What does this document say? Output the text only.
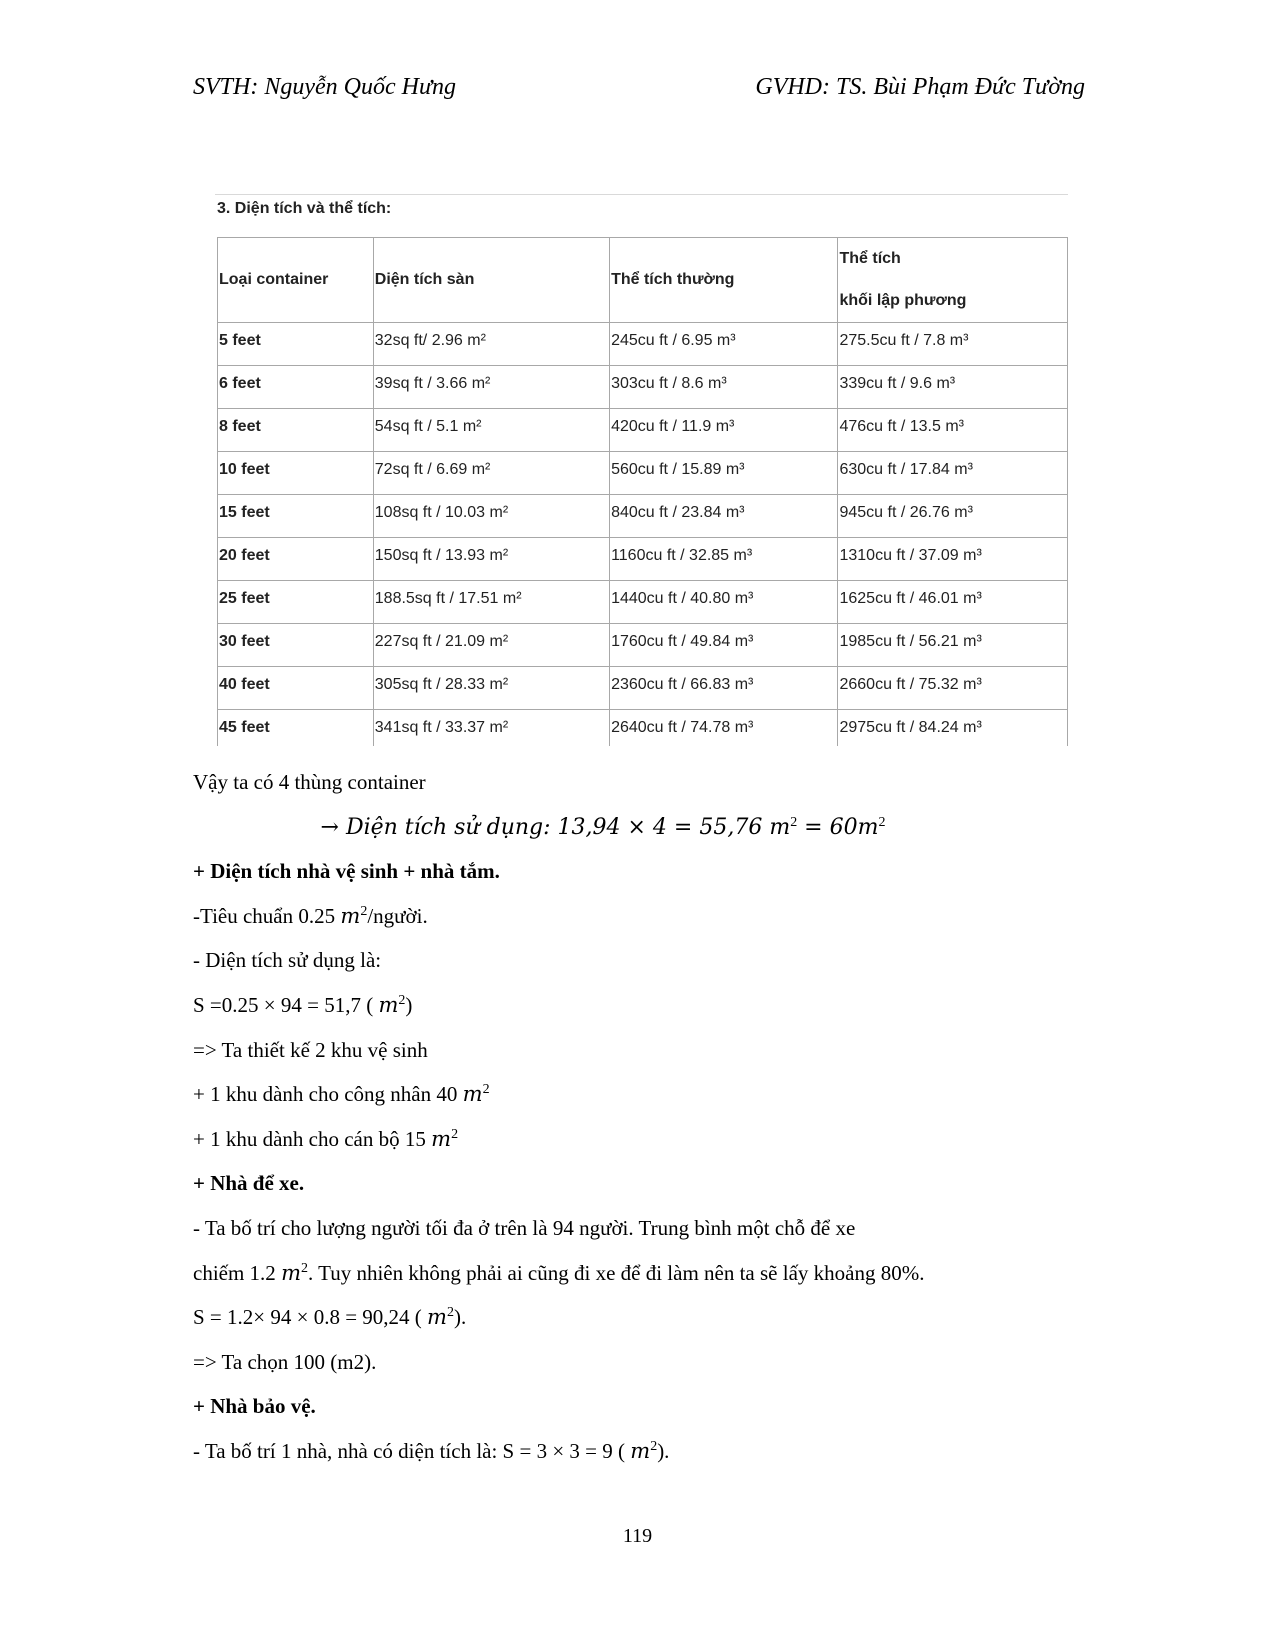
SVTH: Nguyễn Quốc Hưng	GVHD: TS. Bùi Phạm Đức Tường
3. Diện tích và thể tích:
Loại container	Diện tích sàn	Thể tích thường	Thể tích
khối lập phương

5 feet	32sq ft/ 2.96 m²	245cu ft / 6.95 m³	275.5cu ft / 7.8 m³
6 feet	39sq ft / 3.66 m²	303cu ft / 8.6 m³	339cu ft / 9.6 m³
8 feet	54sq ft / 5.1 m²	420cu ft / 11.9 m³	476cu ft / 13.5 m³
10 feet	72sq ft / 6.69 m²	560cu ft / 15.89 m³	630cu ft / 17.84 m³
15 feet	108sq ft / 10.03 m²	840cu ft / 23.84 m³	945cu ft / 26.76 m³
20 feet	150sq ft / 13.93 m²	1160cu ft / 32.85 m³	1310cu ft / 37.09 m³
25 feet	188.5sq ft / 17.51 m²	1440cu ft / 40.80 m³	1625cu ft / 46.01 m³
30 feet	227sq ft / 21.09 m²	1760cu ft / 49.84 m³	1985cu ft / 56.21 m³
40 feet	305sq ft / 28.33 m²	2360cu ft / 66.83 m³	2660cu ft / 75.32 m³
45 feet	341sq ft / 33.37 m²	2640cu ft / 74.78 m³	2975cu ft / 84.24 m³
Vậy ta có 4 thùng container
→ Diện tích sử dụng: 13,94 × 4 = 55,76 $m^2 = 60m^2$
+ Diện tích nhà vệ sinh + nhà tắm.
-Tiêu chuẩn 0.25 $m^2$/người.
- Diện tích sử dụng là:
S =0.25 × 94 = 51,7 ( $m^2$)
=> Ta thiết kế 2 khu vệ sinh
+ 1 khu dành cho công nhân 40 $m^2$
+ 1 khu dành cho cán bộ 15 $m^2$
+ Nhà để xe.
- Ta bố trí cho lượng người tối đa ở trên là 94 người. Trung bình một chỗ để xe
chiếm 1.2 $m^2$. Tuy nhiên không phải ai cũng đi xe để đi làm nên ta sẽ lấy khoảng 80%.
S = 1.2× 94 × 0.8 = 90,24 ( $m^2$).
=> Ta chọn 100 (m2).
+ Nhà bảo vệ.
- Ta bố trí 1 nhà, nhà có diện tích là: S = 3 × 3 = 9 ( $m^2$).
119
